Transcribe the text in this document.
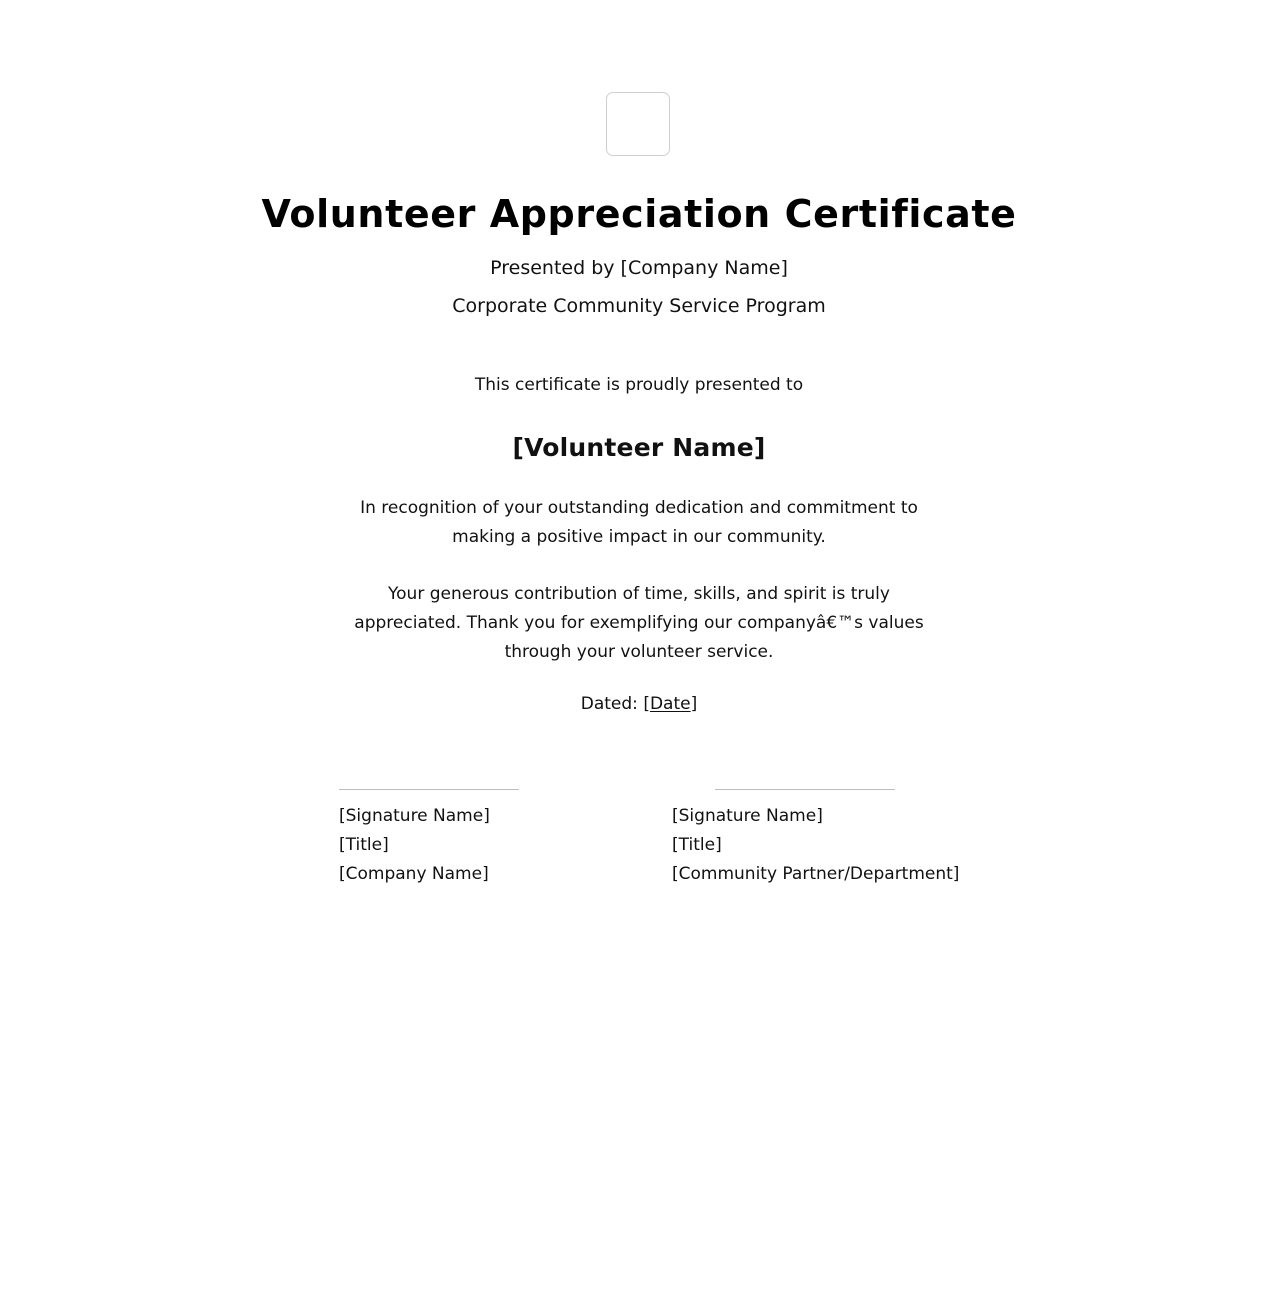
Volunteer Appreciation Certificate
Presented by [Company Name]
Corporate Community Service Program
This certificate is proudly presented to
[Volunteer Name]
In recognition of your outstanding dedication and commitment to making a positive impact in our community.
Your generous contribution of time, skills, and spirit is truly appreciated. Thank you for exemplifying our companyâ€™s values through your volunteer service.
Dated: [Date]
[Signature Name]
[Title]
[Company Name]
[Signature Name]
[Title]
[Community Partner/Department]
